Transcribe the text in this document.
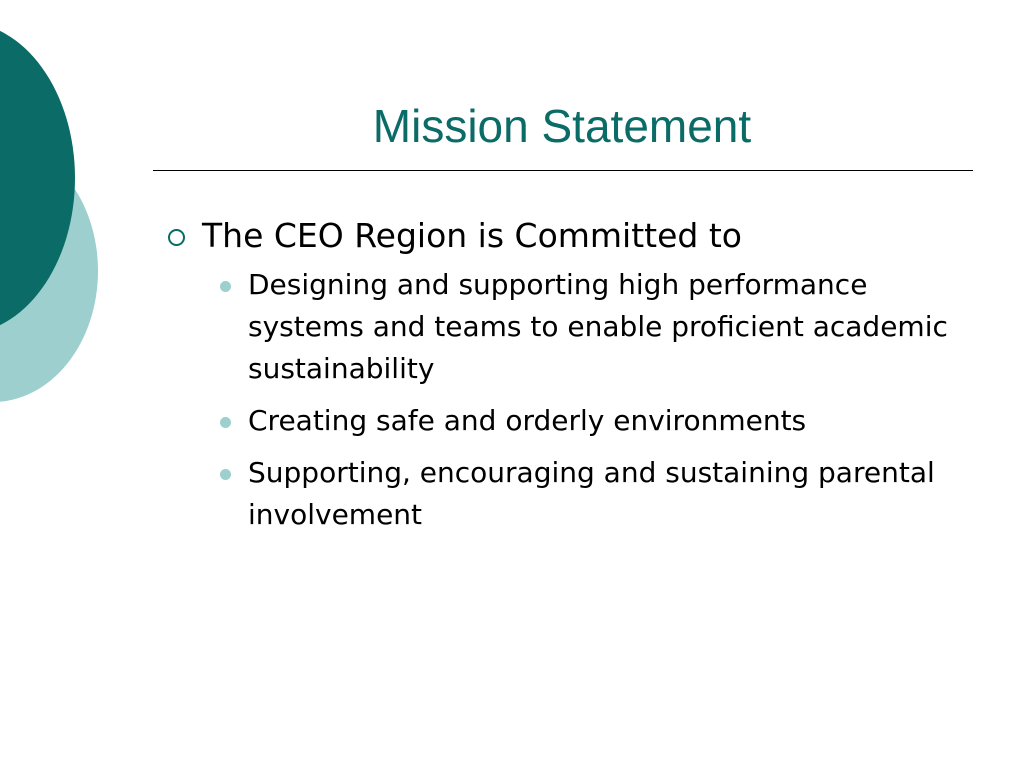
Mission Statement
The CEO Region is Committed to
Designing and supporting high performance systems and teams to enable proficient academic sustainability
Creating safe and orderly environments
Supporting, encouraging and sustaining parental involvement
